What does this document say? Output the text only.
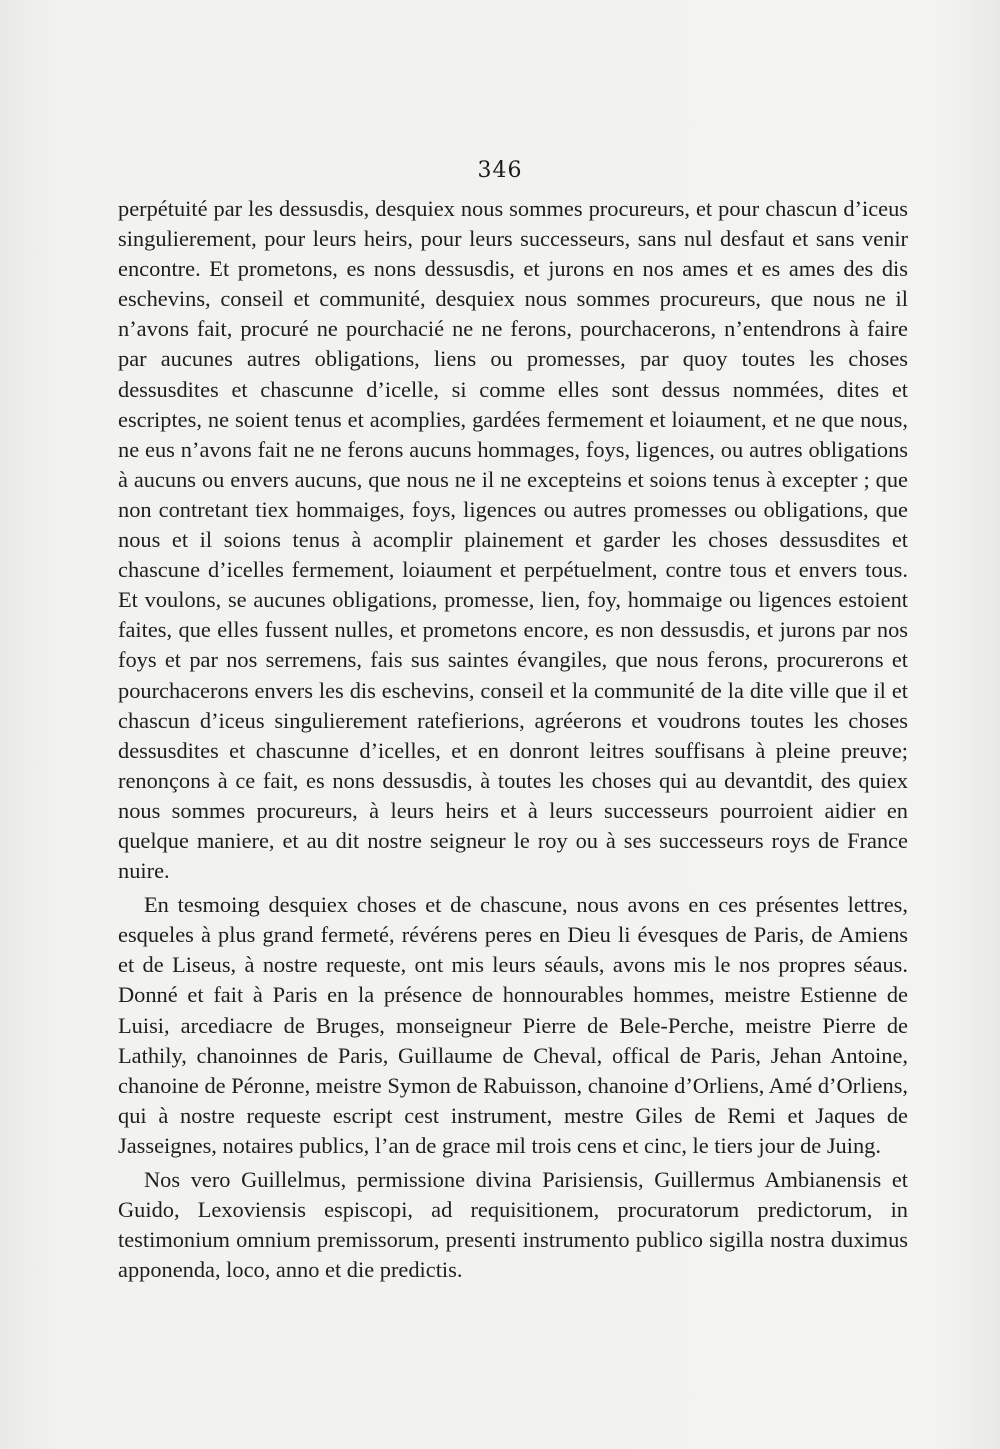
346

perpétuité par les dessusdis, desquiex nous sommes procureurs, et pour chascun d’iceus singulierement, pour leurs heirs, pour leurs successeurs, sans nul desfaut et sans venir encontre. Et prometons, es nons dessusdis, et jurons en nos ames et es ames des dis eschevins, conseil et communité, desquiex nous sommes procureurs, que nous ne il n’avons fait, procuré ne pourchacié ne ne ferons, pourchacerons, n’entendrons à faire par aucunes autres obligations, liens ou promesses, par quoy toutes les choses dessusdites et chascunne d’icelle, si comme elles sont dessus nommées, dites et escriptes, ne soient tenus et acomplies, gardées fermement et loiaument, et ne que nous, ne eus n’avons fait ne ne ferons aucuns hommages, foys, ligences, ou autres obligations à aucuns ou envers aucuns, que nous ne il ne excepteins et soions tenus à excepter ; que non contretant tiex hommaiges, foys, ligences ou autres promesses ou obligations, que nous et il soions tenus à acomplir plainement et garder les choses dessusdites et chascune d’icelles fermement, loiaument et perpétuelment, contre tous et envers tous. Et voulons, se aucunes obligations, promesse, lien, foy, hommaige ou ligences estoient faites, que elles fussent nulles, et prometons encore, es non dessusdis, et jurons par nos foys et par nos serremens, fais sus saintes évangiles, que nous ferons, procurerons et pourchacerons envers les dis eschevins, conseil et la communité de la dite ville que il et chascun d’iceus singulierement ratefierions, agréerons et voudrons toutes les choses dessusdites et chascunne d’icelles, et en donront leitres souffisans à pleine preuve; renonçons à ce fait, es nons dessusdis, à toutes les choses qui au devantdit, des quiex nous sommes procureurs, à leurs heirs et à leurs successeurs pourroient aidier en quelque maniere, et au dit nostre seigneur le roy ou à ses successeurs roys de France nuire.

En tesmoing desquiex choses et de chascune, nous avons en ces présentes lettres, esqueles à plus grand fermeté, révérens peres en Dieu li évesques de Paris, de Amiens et de Liseus, à nostre requeste, ont mis leurs séauls, avons mis le nos propres séaus. Donné et fait à Paris en la présence de honnourables hommes, meistre Estienne de Luisi, arcediacre de Bruges, monseigneur Pierre de Bele-Perche, meistre Pierre de Lathily, chanoinnes de Paris, Guillaume de Cheval, offical de Paris, Jehan Antoine, chanoine de Péronne, meistre Symon de Rabuisson, chanoine d’Orliens, Amé d’Orliens, qui à nostre requeste escript cest instrument, mestre Giles de Remi et Jaques de Jasseignes, notaires publics, l’an de grace mil trois cens et cinc, le tiers jour de Juing.

Nos vero Guillelmus, permissione divina Parisiensis, Guillermus Ambianensis et Guido, Lexoviensis espiscopi, ad requisitionem, procuratorum predictorum, in testimonium omnium premissorum, presenti instrumento publico sigilla nostra duximus apponenda, loco, anno et die predictis.
